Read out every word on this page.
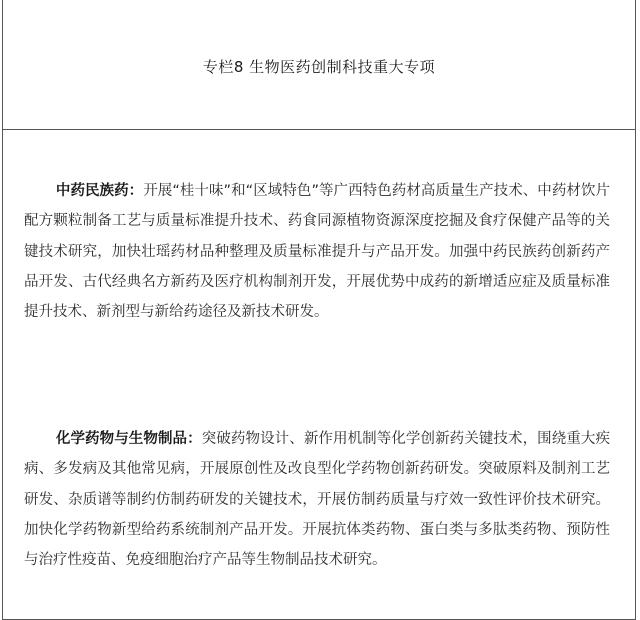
专栏8 生物医药创制科技重大专项

中药民族药：开展“桂十味”和“区域特色”等广西特色药材高质量生产技术、中药材饮片配方颗粒制备工艺与质量标准提升技术、药食同源植物资源深度挖掘及食疗保健产品等的关键技术研究，加快壮瑶药材品种整理及质量标准提升与产品开发。加强中药民族药创新药产品开发、古代经典名方新药及医疗机构制剂开发，开展优势中成药的新增适应症及质量标准提升技术、新剂型与新给药途径及新技术研发。

化学药物与生物制品：突破药物设计、新作用机制等化学创新药关键技术，围绕重大疾病、多发病及其他常见病，开展原创性及改良型化学药物创新药研发。突破原料及制剂工艺研发、杂质谱等制约仿制药研发的关键技术，开展仿制药质量与疗效一致性评价技术研究。加快化学药物新型给药系统制剂产品开发。开展抗体类药物、蛋白类与多肽类药物、预防性与治疗性疫苗、免疫细胞治疗产品等生物制品技术研究。
